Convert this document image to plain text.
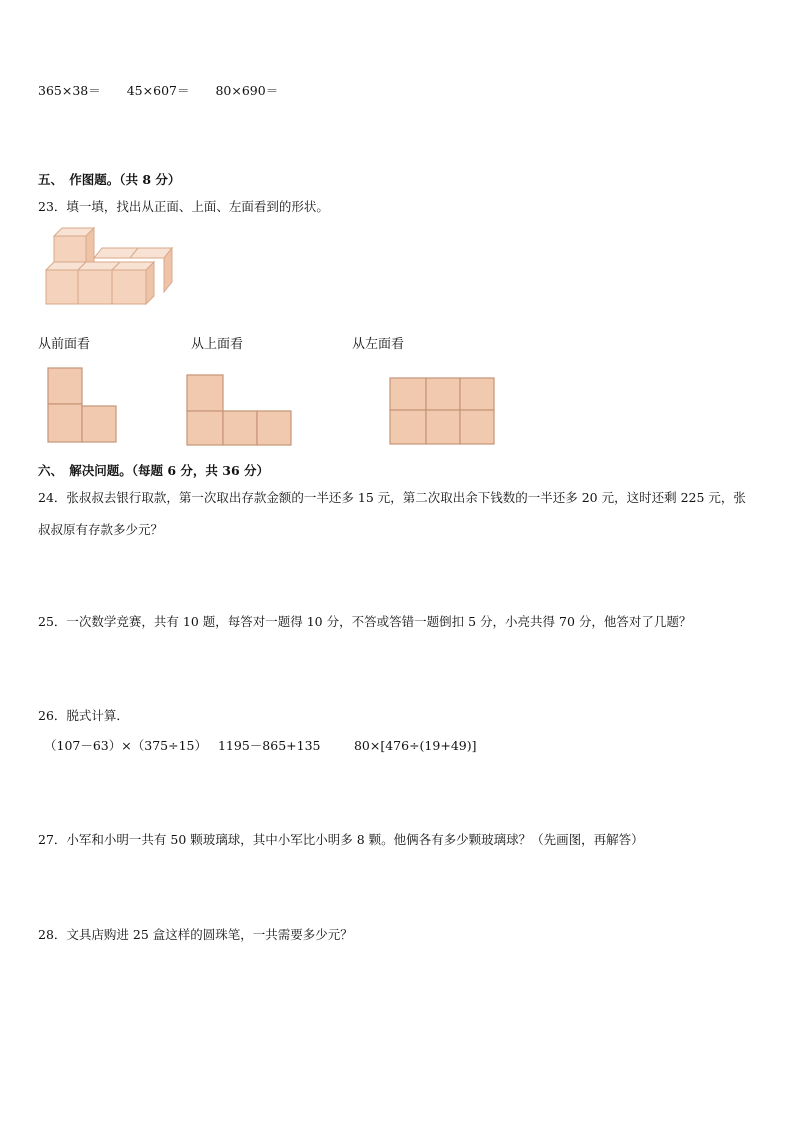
365×38＝ 45×607＝ 80×690＝
五、　作图题。（共 8 分）
23．填一填，找出从正面、上面、左面看到的形状。
从前面看	从上面看	从左面看
六、　解决问题。（每题 6 分，共 36 分）
24．张叔叔去银行取款，第一次取出存款金额的一半还多 15 元，第二次取出余下钱数的一半还多 20 元，这时还剩 225 元，张叔叔原有存款多少元？
25．一次数学竞赛，共有 10 题，每答对一题得 10 分，不答或答错一题倒扣 5 分，小亮共得 70 分，他答对了几题？
26．脱式计算．
（107－63）×（375÷15） 1195－865+135	80×[476÷(19+49)]
27．小军和小明一共有 50 颗玻璃球，其中小军比小明多 8 颗。他俩各有多少颗玻璃球？（先画图，再解答）
28．文具店购进 25 盒这样的圆珠笔，一共需要多少元？
